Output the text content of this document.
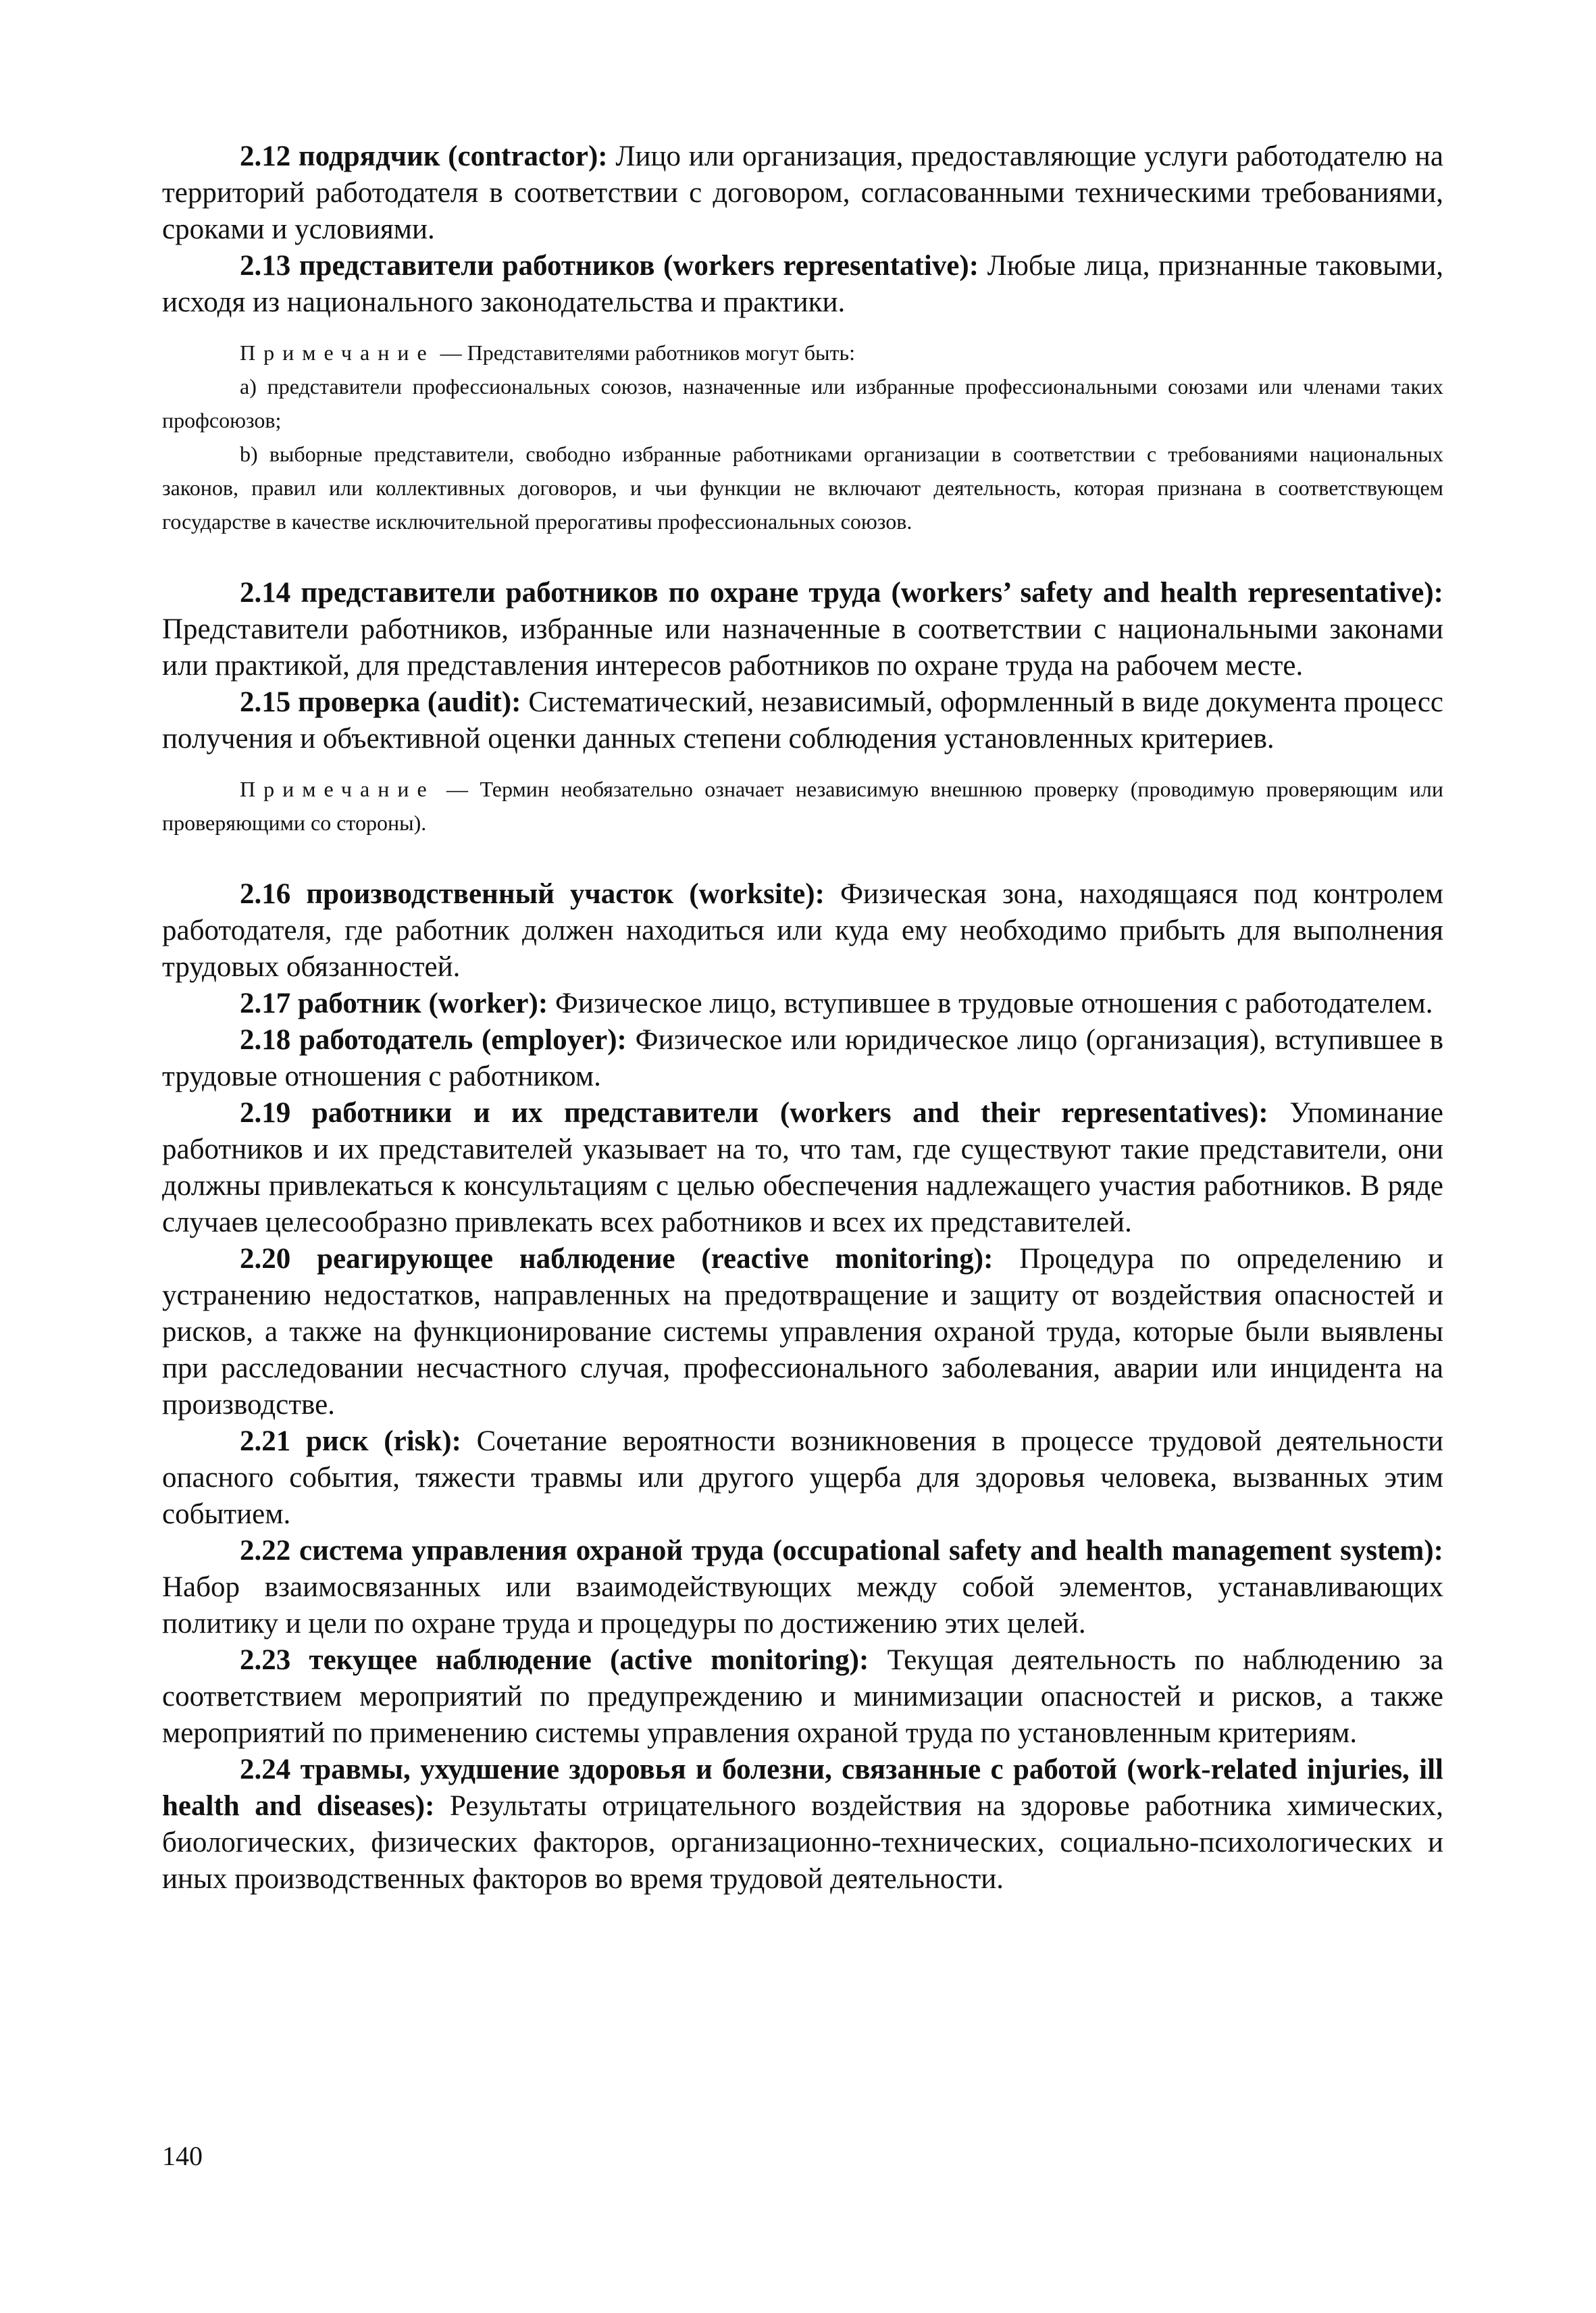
2.12 подрядчик (contractor): Лицо или организация, предоставляющие услуги работодателю на территорий работодателя в соответствии с договором, согласованными техническими требованиями, сроками и условиями.

2.13 представители работников (workers representative): Любые лица, признанные таковыми, исходя из национального законодательства и практики.

Примечание — Представителями работников могут быть:

a) представители профессиональных союзов, назначенные или избранные профессиональными союзами или членами таких профсоюзов;

b) выборные представители, свободно избранные работниками организации в соответствии с требованиями национальных законов, правил или коллективных договоров, и чьи функции не включают деятельность, которая признана в соответствующем государстве в качестве исключительной прерогативы профессиональных союзов.

2.14 представители работников по охране труда (workers’ safety and health representative): Представители работников, избранные или назначенные в соответствии с национальными законами или практикой, для представления интересов работников по охране труда на рабочем месте.

2.15 проверка (audit): Систематический, независимый, оформленный в виде документа процесс получения и объективной оценки данных степени соблюдения установленных критериев.

Примечание — Термин необязательно означает независимую внешнюю проверку (проводимую проверяющим или проверяющими со стороны).

2.16 производственный участок (worksite): Физическая зона, находящаяся под контролем работодателя, где работник должен находиться или куда ему необходимо прибыть для выполнения трудовых обязанностей.

2.17 работник (worker): Физическое лицо, вступившее в трудовые отношения с работодателем.

2.18 работодатель (employer): Физическое или юридическое лицо (организация), вступившее в трудовые отношения с работником.

2.19 работники и их представители (workers and their representatives): Упоминание работников и их представителей указывает на то, что там, где существуют такие представители, они должны привлекаться к консультациям с целью обеспечения надлежащего участия работников. В ряде случаев целесообразно привлекать всех работников и всех их представителей.

2.20 реагирующее наблюдение (reactive monitoring): Процедура по определению и устранению недостатков, направленных на предотвращение и защиту от воздействия опасностей и рисков, а также на функционирование системы управления охраной труда, которые были выявлены при расследовании несчастного случая, профессионального заболевания, аварии или инцидента на производстве.

2.21 риск (risk): Сочетание вероятности возникновения в процессе трудовой деятельности опасного события, тяжести травмы или другого ущерба для здоровья человека, вызванных этим событием.

2.22 система управления охраной труда (occupational safety and health management system): Набор взаимосвязанных или взаимодействующих между собой элементов, устанавливающих политику и цели по охране труда и процедуры по достижению этих целей.

2.23 текущее наблюдение (active monitoring): Текущая деятельность по наблюдению за соответствием мероприятий по предупреждению и минимизации опасностей и рисков, а также мероприятий по применению системы управления охраной труда по установленным критериям.

2.24 травмы, ухудшение здоровья и болезни, связанные с работой (work-related injuries, ill health and diseases): Результаты отрицательного воздействия на здоровье работника химических, биологических, физических факторов, организационно-технических, социально-психологических и иных производственных факторов во время трудовой деятельности.

140
